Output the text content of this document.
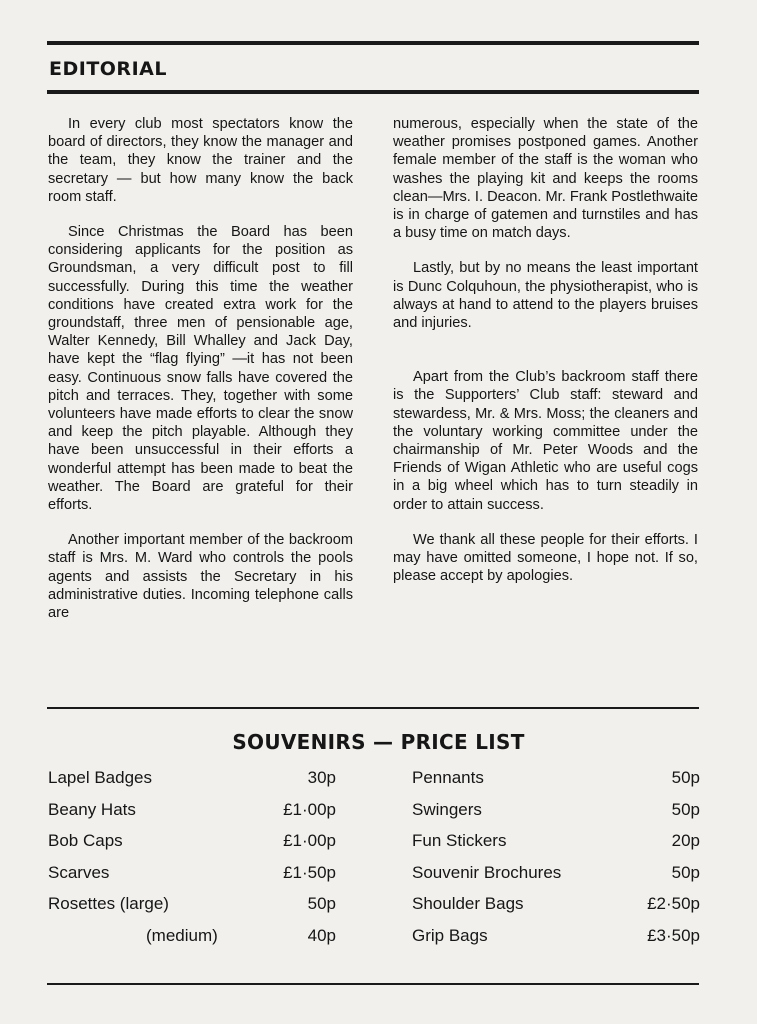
EDITORIAL

In every club most spectators know the board of directors, they know the manager and the team, they know the trainer and the secretary — but how many know the back room staff.

Since Christmas the Board has been considering applicants for the position as Groundsman, a very difficult post to fill successfully. During this time the weather conditions have created extra work for the groundstaff, three men of pensionable age, Walter Kennedy, Bill Whalley and Jack Day, have kept the “flag flying” —it has not been easy. Continuous snow falls have covered the pitch and terraces. They, together with some volunteers have made efforts to clear the snow and keep the pitch playable. Although they have been unsuccessful in their efforts a wonderful attempt has been made to beat the weather. The Board are grateful for their efforts.

Another important member of the backroom staff is Mrs. M. Ward who controls the pools agents and assists the Secretary in his administrative duties. Incoming telephone calls are

numerous, especially when the state of the weather promises postponed games. Another female member of the staff is the woman who washes the playing kit and keeps the rooms clean—Mrs. I. Deacon. Mr. Frank Postlethwaite is in charge of gatemen and turnstiles and has a busy time on match days.

Lastly, but by no means the least important is Dunc Colquhoun, the physiotherapist, who is always at hand to attend to the players bruises and injuries.

Apart from the Club’s backroom staff there is the Supporters’ Club staff: steward and stewardess, Mr. & Mrs. Moss; the cleaners and the voluntary working committee under the chairmanship of Mr. Peter Woods and the Friends of Wigan Athletic who are useful cogs in a big wheel which has to turn steadily in order to attain success.

We thank all these people for their efforts. I may have omitted someone, I hope not. If so, please accept by apologies.

SOUVENIRS — PRICE LIST
Lapel Badges	30p
Beany Hats	£1·00p
Bob Caps	£1·00p
Scarves	£1·50p
Rosettes (large)	50p
(medium)	40p
Pennants	50p
Swingers	50p
Fun Stickers	20p
Souvenir Brochures	50p
Shoulder Bags	£2·50p
Grip Bags	£3·50p
